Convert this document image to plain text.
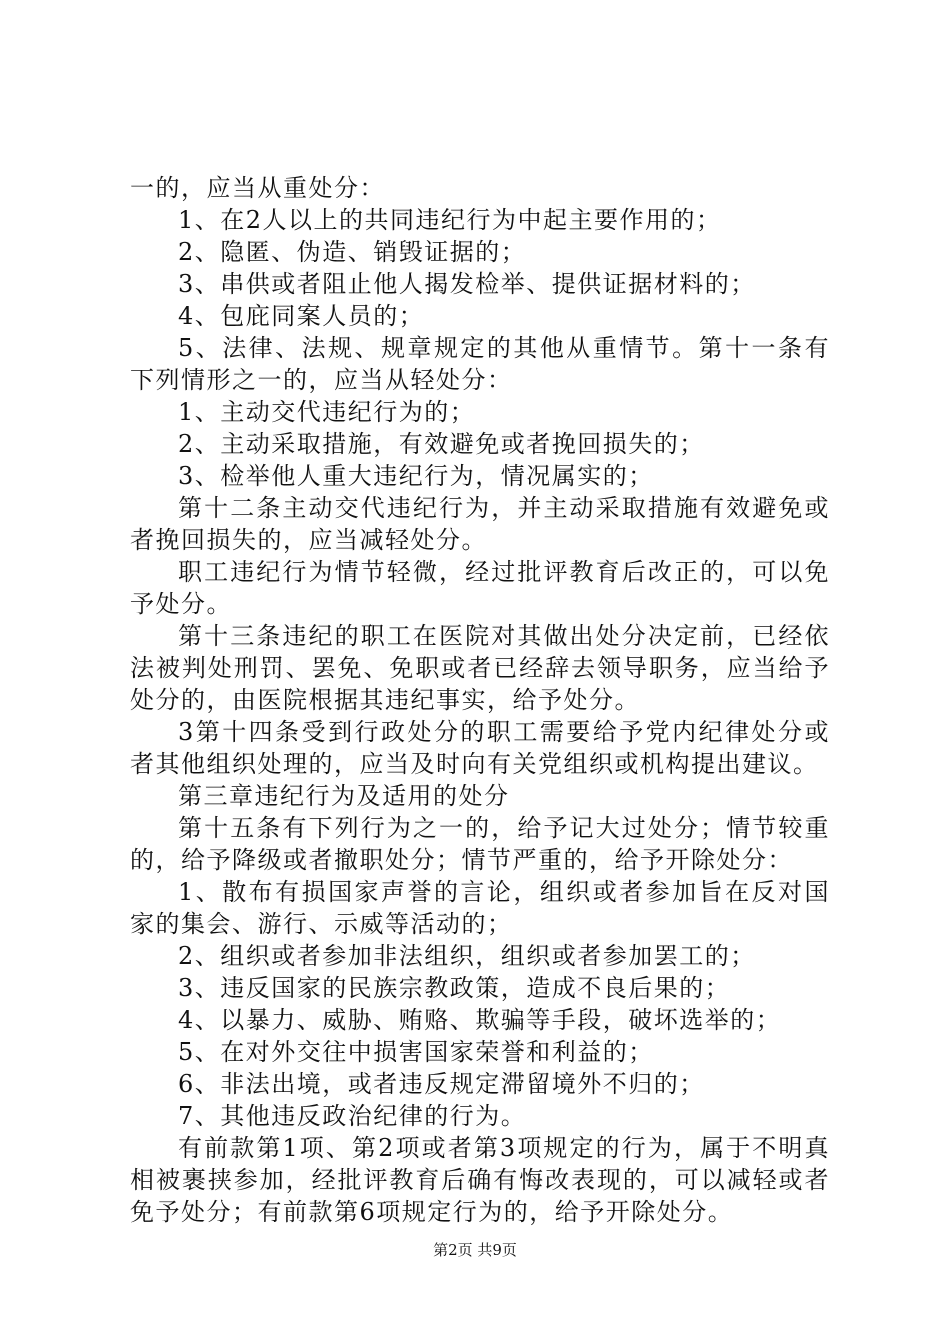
一的，应当从重处分：

1、在2人以上的共同违纪行为中起主要作用的；

2、隐匿、伪造、销毁证据的；

3、串供或者阻止他人揭发检举、提供证据材料的；

4、包庇同案人员的；

5、法律、法规、规章规定的其他从重情节。第十一条有下列情形之一的，应当从轻处分：

1、主动交代违纪行为的；

2、主动采取措施，有效避免或者挽回损失的；

3、检举他人重大违纪行为，情况属实的；

第十二条主动交代违纪行为，并主动采取措施有效避免或者挽回损失的，应当减轻处分。

职工违纪行为情节轻微，经过批评教育后改正的，可以免予处分。

第十三条违纪的职工在医院对其做出处分决定前，已经依法被判处刑罚、罢免、免职或者已经辞去领导职务，应当给予处分的，由医院根据其违纪事实，给予处分。

3第十四条受到行政处分的职工需要给予党内纪律处分或者其他组织处理的，应当及时向有关党组织或机构提出建议。

第三章违纪行为及适用的处分

第十五条有下列行为之一的，给予记大过处分；情节较重的，给予降级或者撤职处分；情节严重的，给予开除处分：

1、散布有损国家声誉的言论，组织或者参加旨在反对国家的集会、游行、示威等活动的；

2、组织或者参加非法组织，组织或者参加罢工的；

3、违反国家的民族宗教政策，造成不良后果的；

4、以暴力、威胁、贿赂、欺骗等手段，破坏选举的；

5、在对外交往中损害国家荣誉和利益的；

6、非法出境，或者违反规定滞留境外不归的；

7、其他违反政治纪律的行为。

有前款第1项、第2项或者第3项规定的行为，属于不明真相被裹挟参加，经批评教育后确有悔改表现的，可以减轻或者免予处分；有前款第6项规定行为的，给予开除处分。

第2页 共9页
